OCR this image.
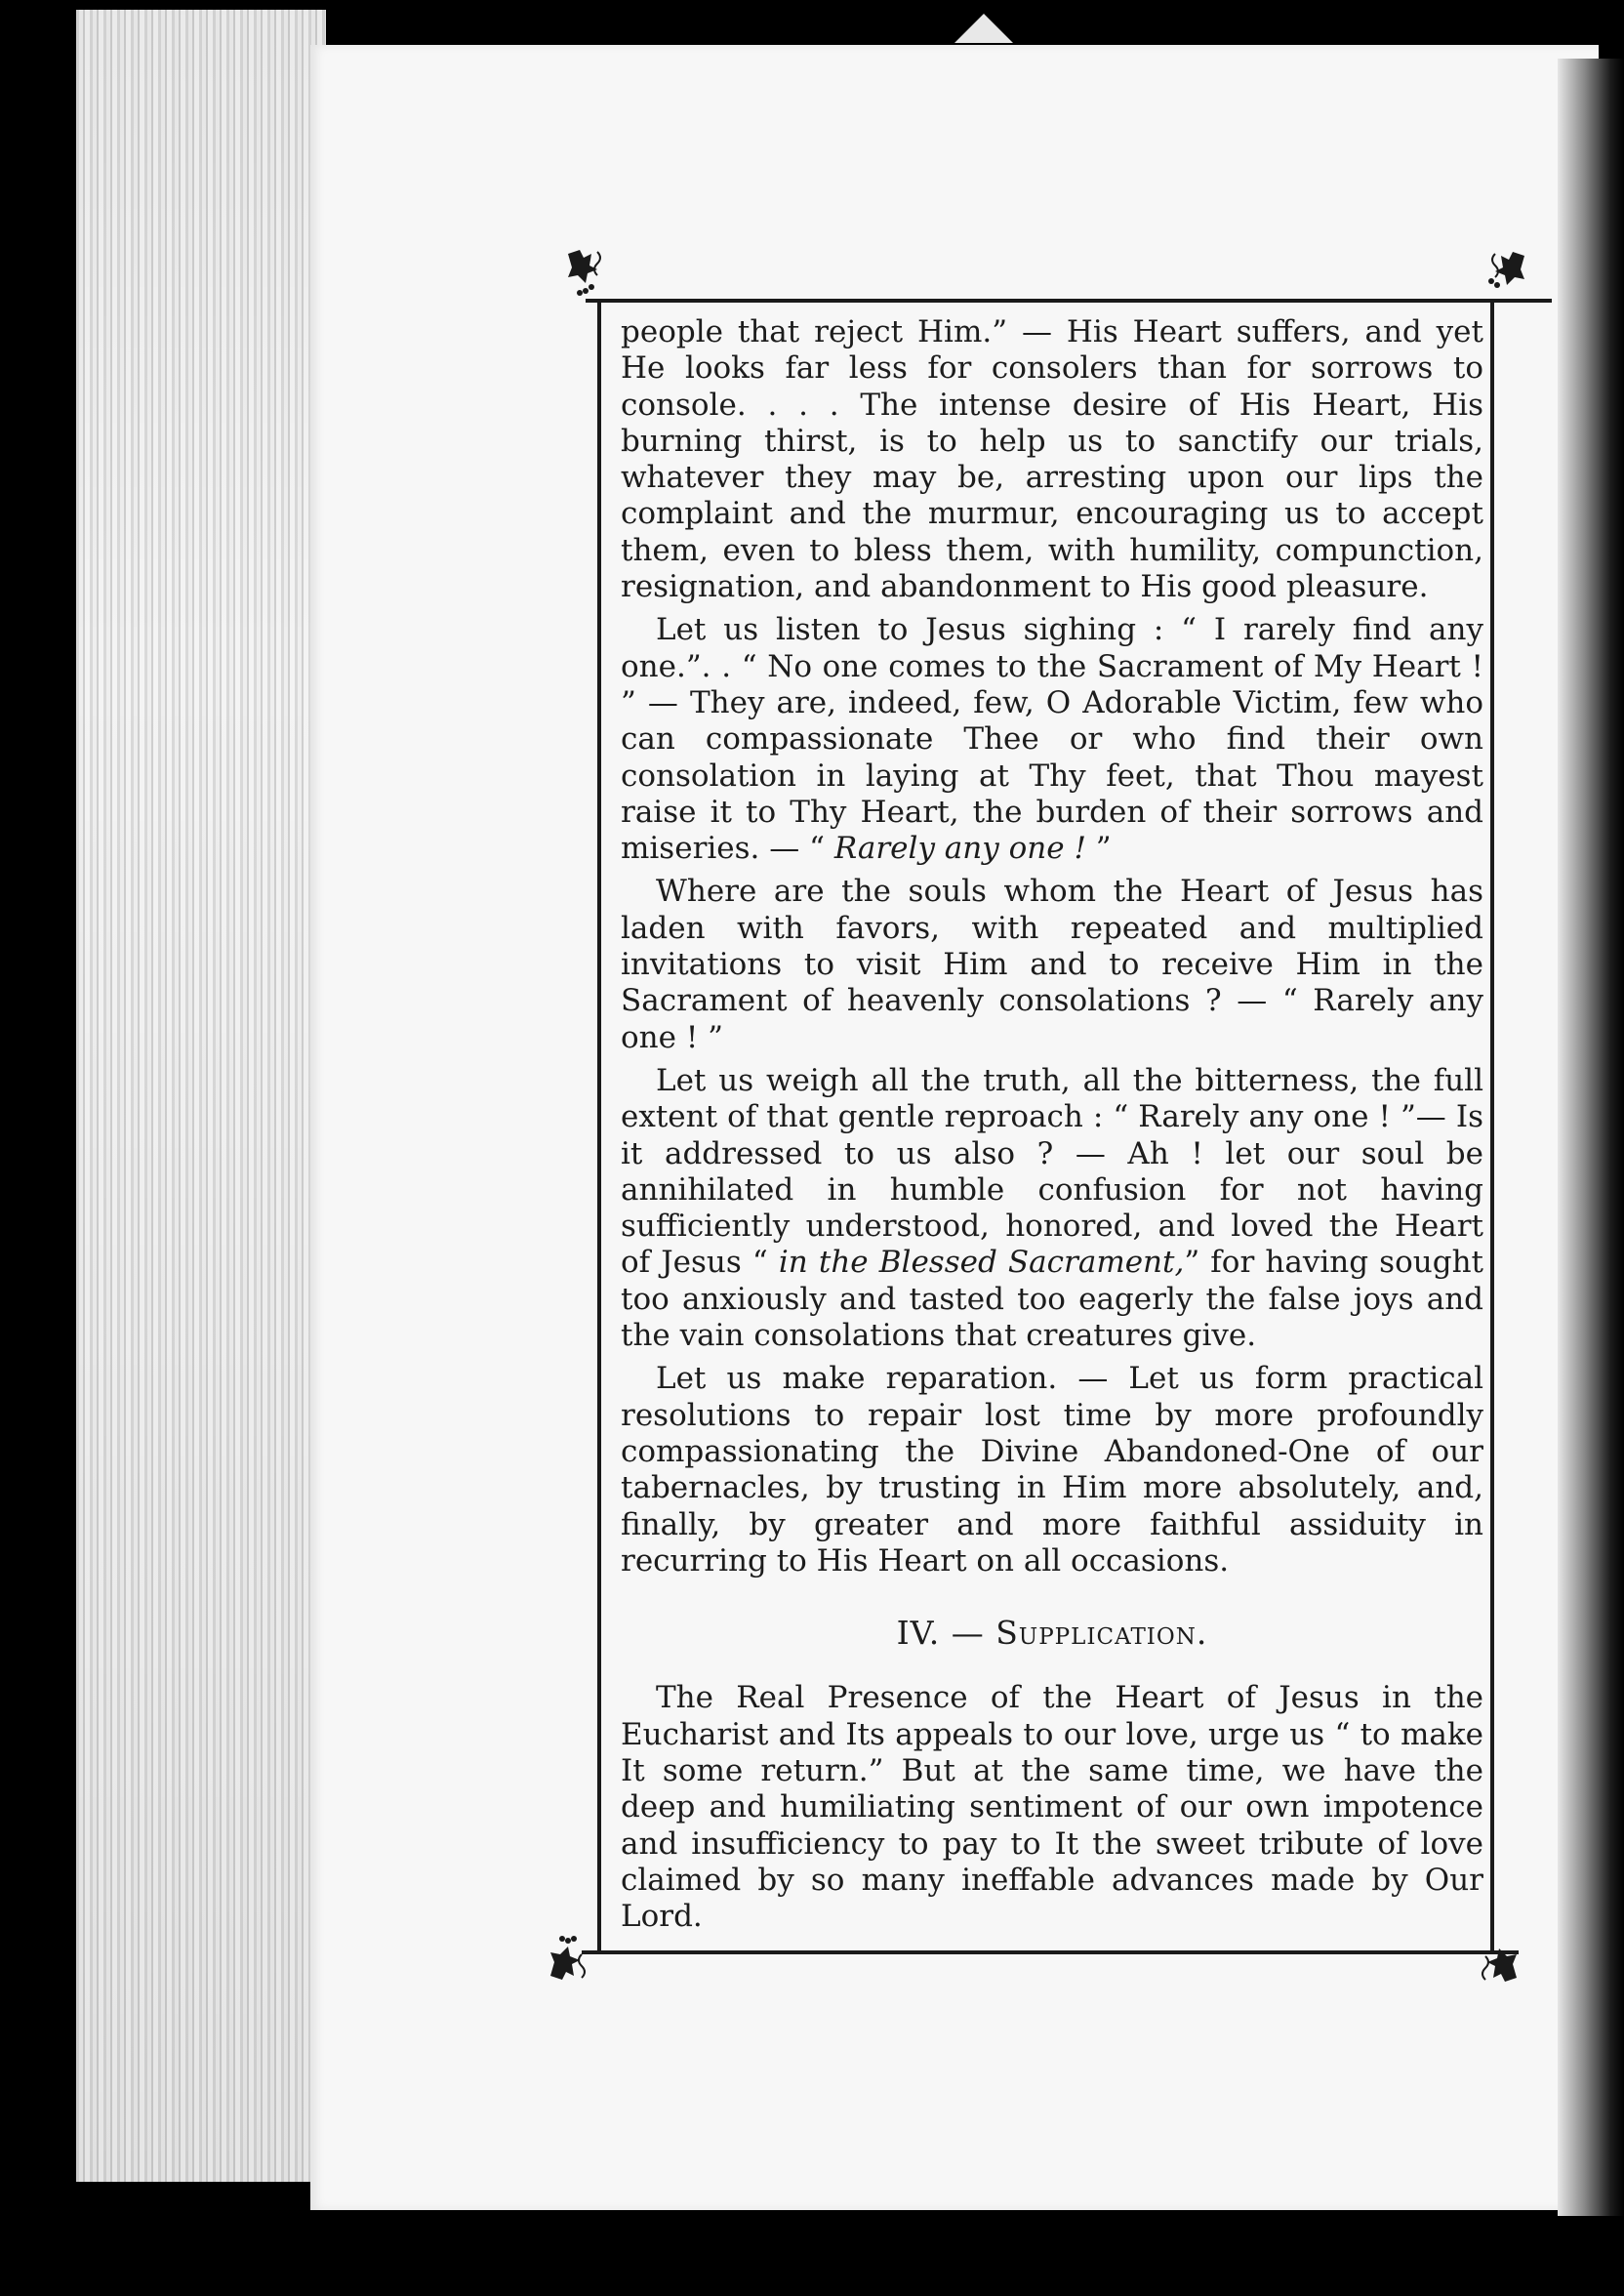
people that reject Him.” — His Heart suffers, and yet He looks far less for consolers than for sorrows to console. . . . The intense desire of His Heart, His burning thirst, is to help us to sanctify our trials, whatever they may be, arresting upon our lips the complaint and the murmur, encouraging us to accept them, even to bless them, with humility, compunction, resignation, and abandonment to His good pleasure.

Let us listen to Jesus sighing : “ I rarely find any one.”. . “ No one comes to the Sacrament of My Heart ! ” — They are, indeed, few, O Adorable Victim, few who can compassionate Thee or who find their own consolation in laying at Thy feet, that Thou mayest raise it to Thy Heart, the burden of their sorrows and miseries. — “ Rarely any one ! ”

Where are the souls whom the Heart of Jesus has laden with favors, with repeated and multiplied invitations to visit Him and to receive Him in the Sacrament of heavenly consolations ? — “ Rarely any one ! ”

Let us weigh all the truth, all the bitterness, the full extent of that gentle reproach : “ Rarely any one ! ”— Is it addressed to us also ? — Ah ! let our soul be annihilated in humble confusion for not having sufficiently understood, honored, and loved the Heart of Jesus “ in the Blessed Sacrament,” for having sought too anxiously and tasted too eagerly the false joys and the vain consolations that creatures give.

Let us make reparation. — Let us form practical resolutions to repair lost time by more profoundly compassionating the Divine Abandoned-One of our tabernacles, by trusting in Him more absolutely, and, finally, by greater and more faithful assiduity in recurring to His Heart on all occasions.

IV. — Supplication.

The Real Presence of the Heart of Jesus in the Eucharist and Its appeals to our love, urge us “ to make It some return.” But at the same time, we have the deep and humiliating sentiment of our own impotence and insufficiency to pay to It the sweet tribute of love claimed by so many ineffable advances made by Our Lord.
